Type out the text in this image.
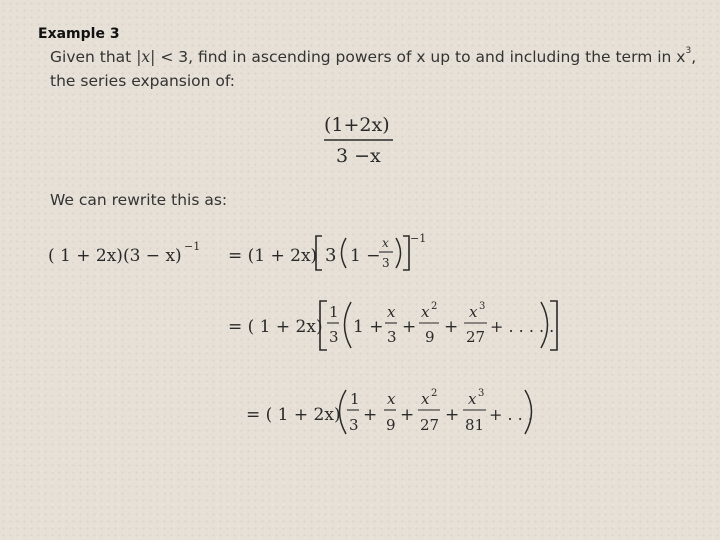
Example 3
Given that |x| < 3, find in ascending powers of x up to and including the term in $x^3$,
the series expansion of:
We can rewrite this as:
(1+2x)
3 −x
( 1 + 2x)(3 − x) −1 = (1 + 2x) 3 1 −
x
3
−1
= ( 1 + 2x)
1
3 1 +
x
3 +
x 2
9 +
x 3
27
+ . . . . .
= ( 1 + 2x)
1
3 +
x
9 +
x 2
27 +
x 3
81
+ . . .
